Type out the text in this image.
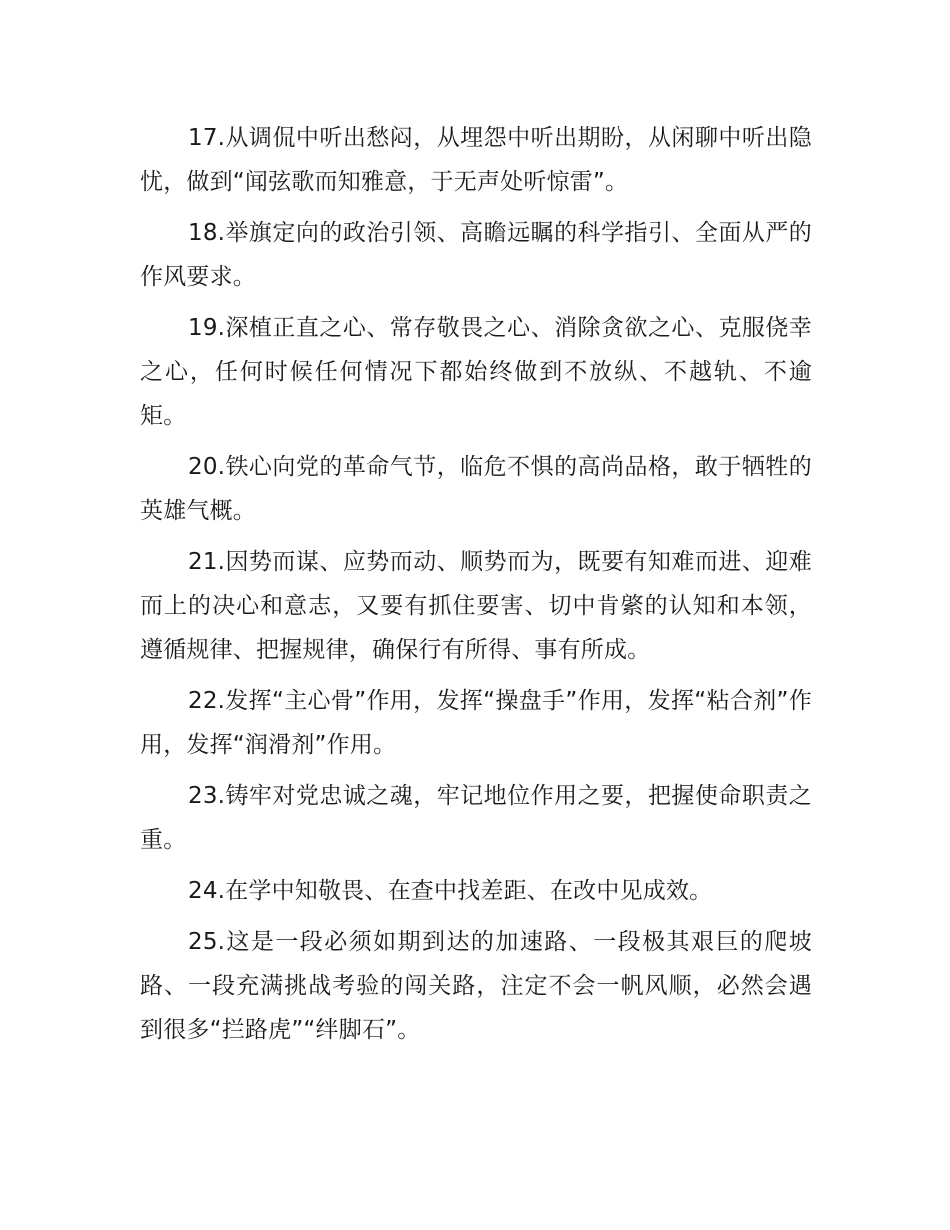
17.从调侃中听出愁闷，从埋怨中听出期盼，从闲聊中听出隐忧，做到“闻弦歌而知雅意，于无声处听惊雷”。

18.举旗定向的政治引领、高瞻远瞩的科学指引、全面从严的作风要求。

19.深植正直之心、常存敬畏之心、消除贪欲之心、克服侥幸之心，任何时候任何情况下都始终做到不放纵、不越轨、不逾矩。

20.铁心向党的革命气节，临危不惧的高尚品格，敢于牺牲的英雄气概。

21.因势而谋、应势而动、顺势而为，既要有知难而进、迎难而上的决心和意志，又要有抓住要害、切中肯綮的认知和本领，遵循规律、把握规律，确保行有所得、事有所成。

22.发挥“主心骨”作用，发挥“操盘手”作用，发挥“粘合剂”作用，发挥“润滑剂”作用。

23.铸牢对党忠诚之魂，牢记地位作用之要，把握使命职责之重。

24.在学中知敬畏、在查中找差距、在改中见成效。

25.这是一段必须如期到达的加速路、一段极其艰巨的爬坡路、一段充满挑战考验的闯关路，注定不会一帆风顺，必然会遇到很多“拦路虎”“绊脚石”。
